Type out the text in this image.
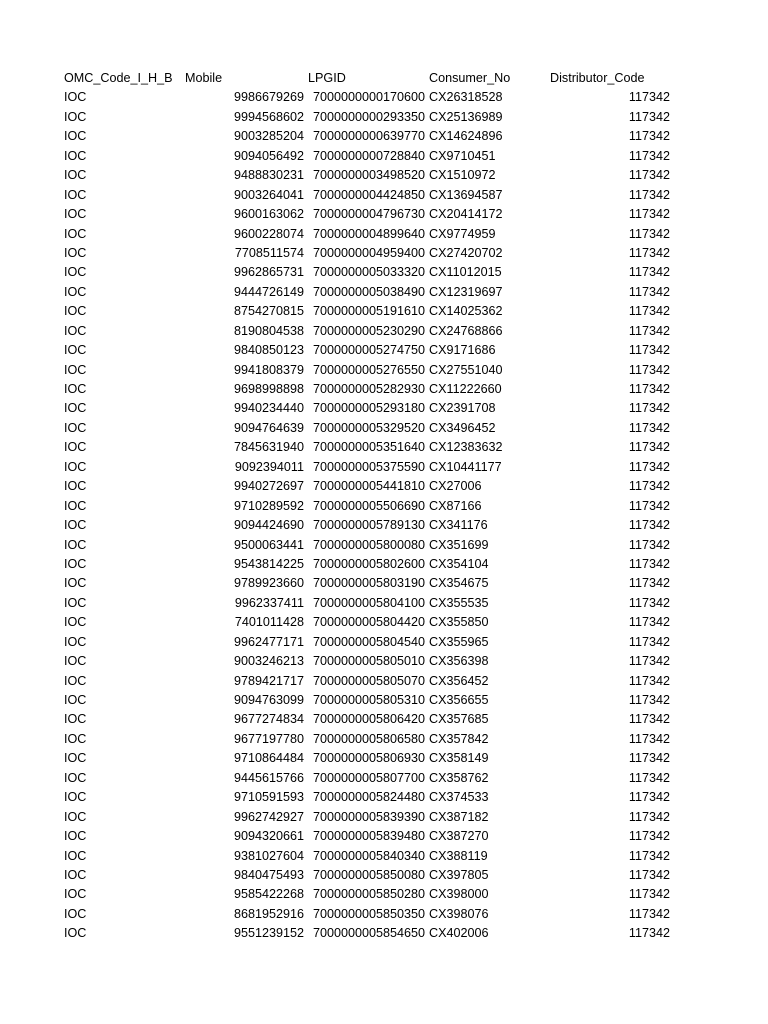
OMC_Code_I_H_B Mobile	LPGID	Consumer_No	Distributor_Code
IOC	9986679269 7000000000170600 CX26318528	117342
IOC	9994568602 7000000000293350 CX25136989	117342
IOC	9003285204 7000000000639770 CX14624896	117342
IOC	9094056492 7000000000728840 CX9710451	117342
IOC	9488830231 7000000003498520 CX1510972	117342
IOC	9003264041 7000000004424850 CX13694587	117342
IOC	9600163062 7000000004796730 CX20414172	117342
IOC	9600228074 7000000004899640 CX9774959	117342
IOC	7708511574 7000000004959400 CX27420702	117342
IOC	9962865731 7000000005033320 CX11012015	117342
IOC	9444726149 7000000005038490 CX12319697	117342
IOC	8754270815 7000000005191610 CX14025362	117342
IOC	8190804538 7000000005230290 CX24768866	117342
IOC	9840850123 7000000005274750 CX9171686	117342
IOC	9941808379 7000000005276550 CX27551040	117342
IOC	9698998898 7000000005282930 CX11222660	117342
IOC	9940234440 7000000005293180 CX2391708	117342
IOC	9094764639 7000000005329520 CX3496452	117342
IOC	7845631940 7000000005351640 CX12383632	117342
IOC	9092394011 7000000005375590 CX10441177	117342
IOC	9940272697 7000000005441810 CX27006	117342
IOC	9710289592 7000000005506690 CX87166	117342
IOC	9094424690 7000000005789130 CX341176	117342
IOC	9500063441 7000000005800080 CX351699	117342
IOC	9543814225 7000000005802600 CX354104	117342
IOC	9789923660 7000000005803190 CX354675	117342
IOC	9962337411 7000000005804100 CX355535	117342
IOC	7401011428 7000000005804420 CX355850	117342
IOC	9962477171 7000000005804540 CX355965	117342
IOC	9003246213 7000000005805010 CX356398	117342
IOC	9789421717 7000000005805070 CX356452	117342
IOC	9094763099 7000000005805310 CX356655	117342
IOC	9677274834 7000000005806420 CX357685	117342
IOC	9677197780 7000000005806580 CX357842	117342
IOC	9710864484 7000000005806930 CX358149	117342
IOC	9445615766 7000000005807700 CX358762	117342
IOC	9710591593 7000000005824480 CX374533	117342
IOC	9962742927 7000000005839390 CX387182	117342
IOC	9094320661 7000000005839480 CX387270	117342
IOC	9381027604 7000000005840340 CX388119	117342
IOC	9840475493 7000000005850080 CX397805	117342
IOC	9585422268 7000000005850280 CX398000	117342
IOC	8681952916 7000000005850350 CX398076	117342
IOC	9551239152 7000000005854650 CX402006	117342
